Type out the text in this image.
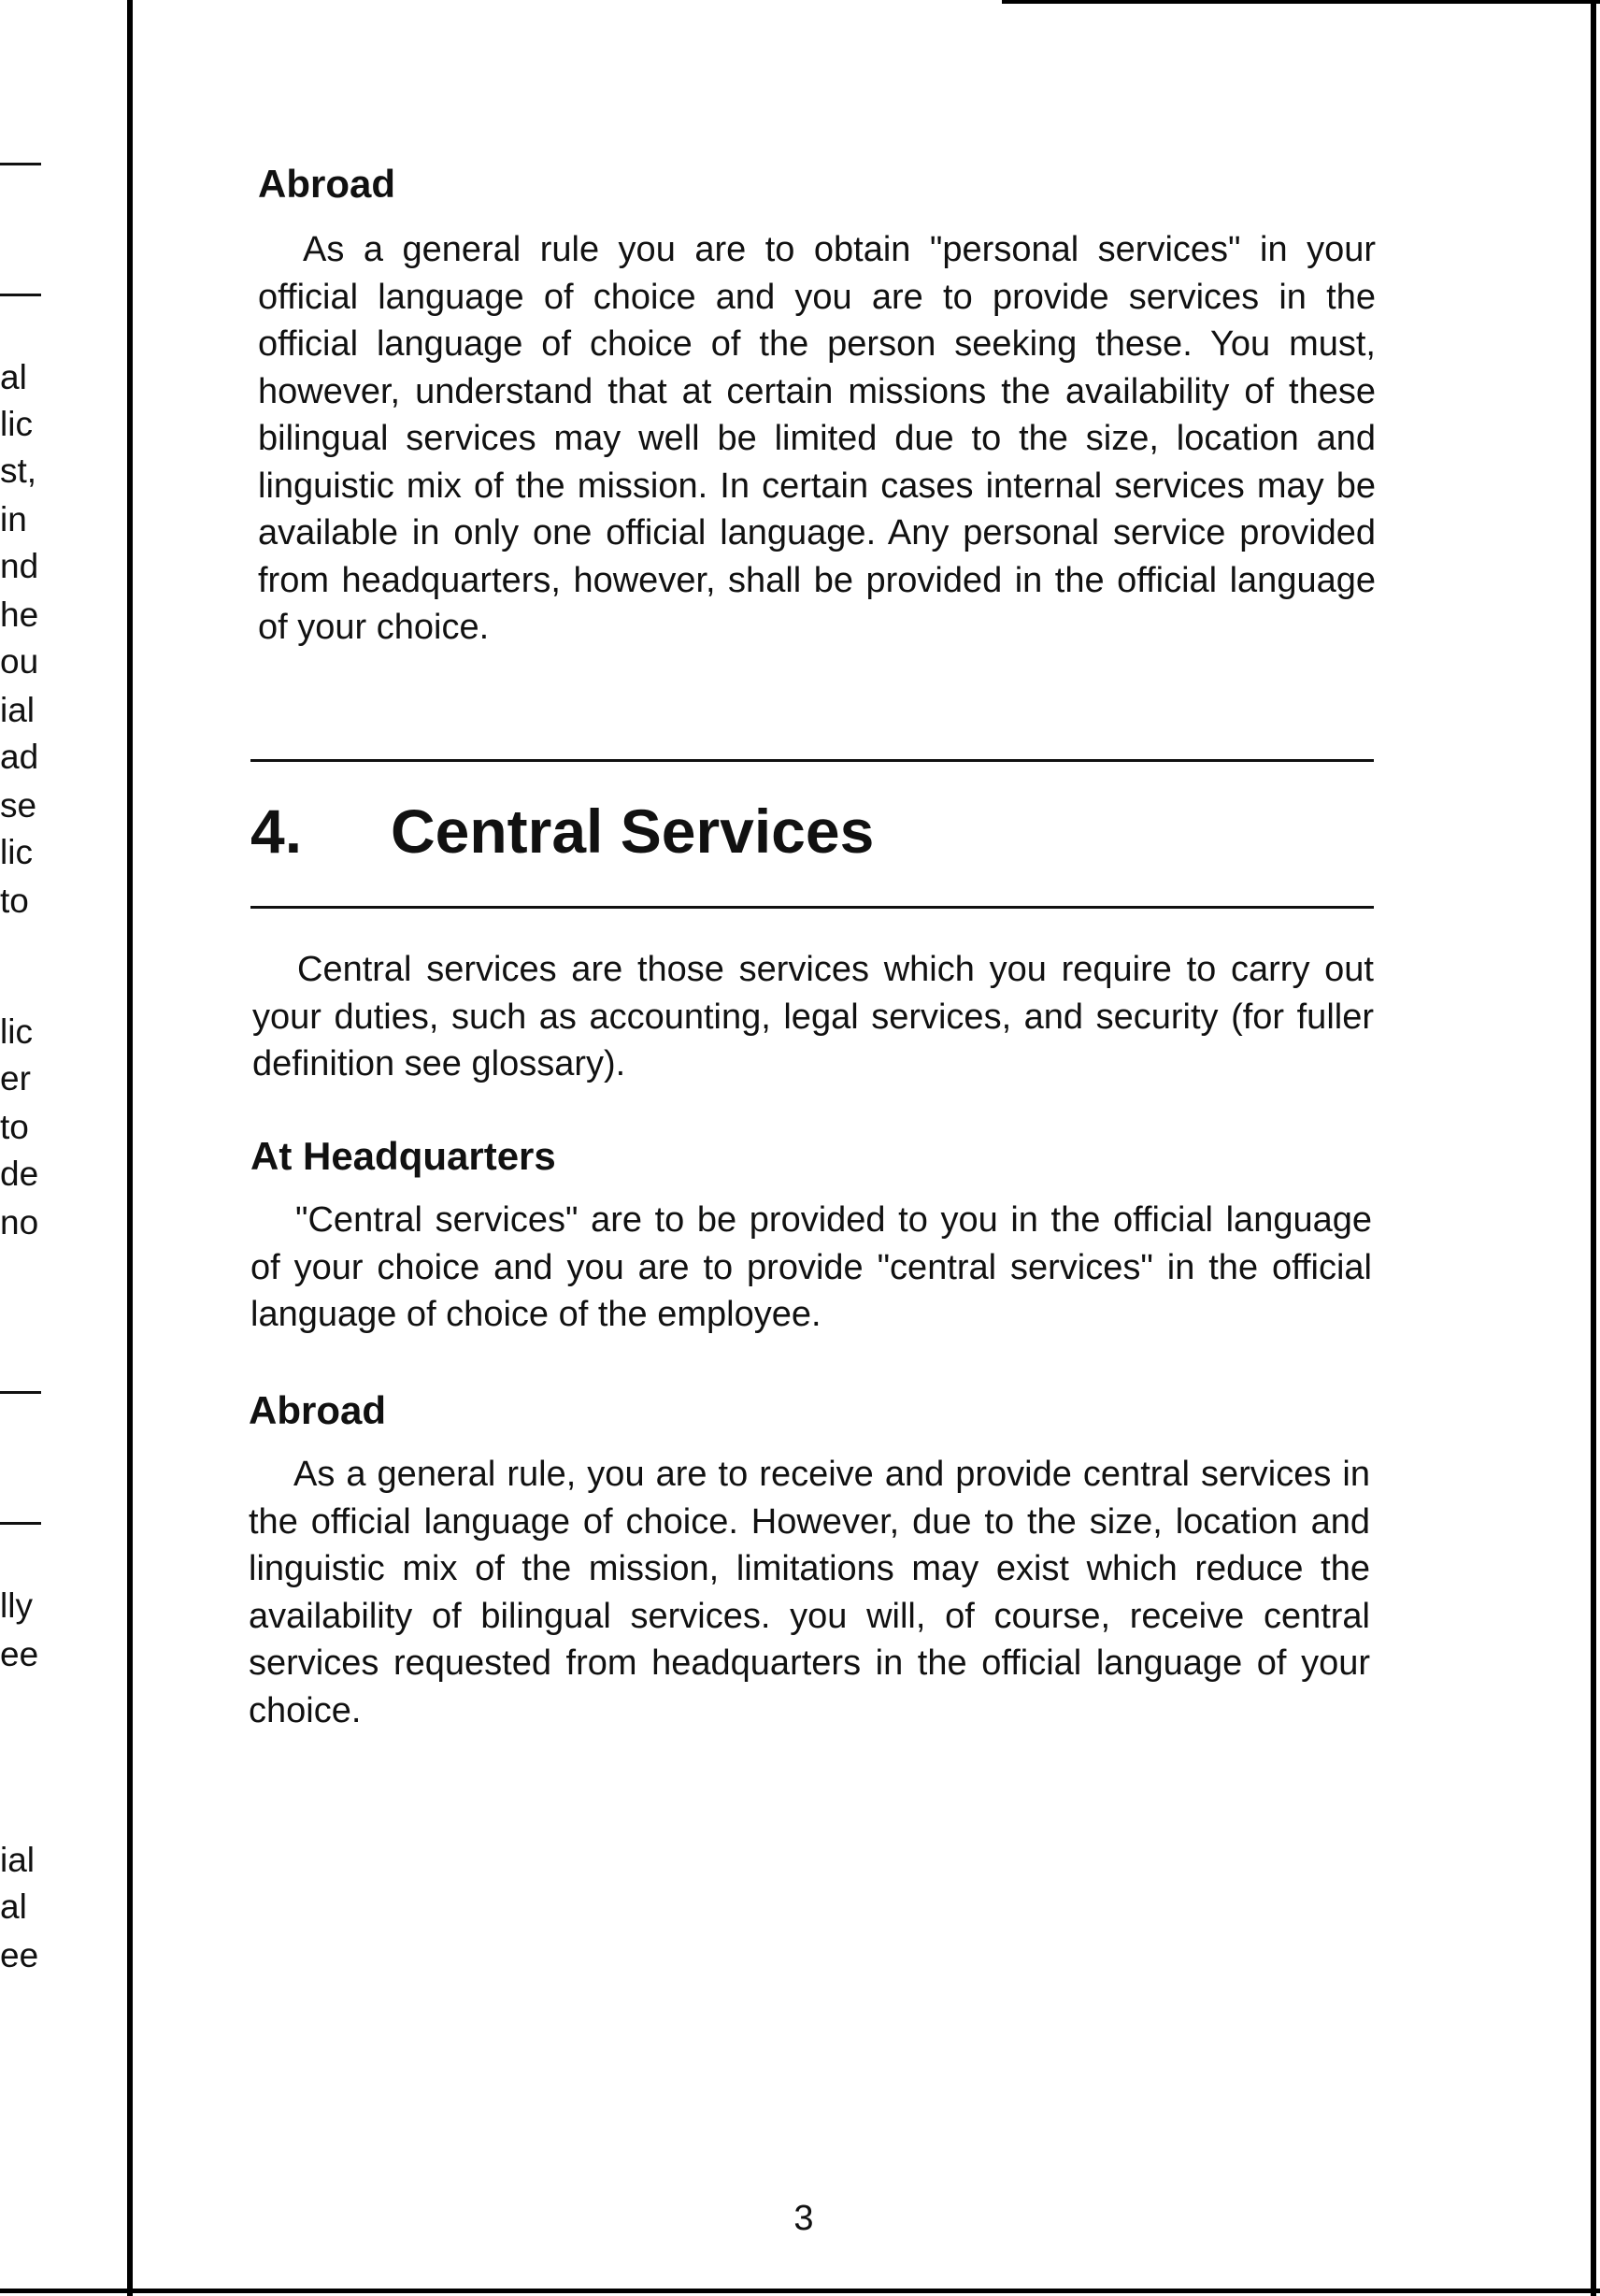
al
lic
st,
in
nd
he
ou
ial
ad
se
lic
to
lic
er
to
de
no
lly
ee
ial
al
ee
Abroad

As a general rule you are to obtain "personal services" in your official language of choice and you are to provide services in the official language of choice of the person seeking these. You must, however, understand that at certain missions the availability of these bilingual services may well be limited due to the size, location and linguistic mix of the mission. In certain cases internal services may be available in only one official language. Any personal service provided from headquarters, however, shall be provided in the official language of your choice.

4.	Central Services

Central services are those services which you require to carry out your duties, such as accounting, legal services, and security (for fuller definition see glossary).

At Headquarters

"Central services" are to be provided to you in the official language of your choice and you are to provide "central services" in the official language of choice of the employee.

Abroad

As a general rule, you are to receive and provide central services in the official language of choice. However, due to the size, location and linguistic mix of the mission, limitations may exist which reduce the availability of bilingual services. you will, of course, receive central services requested from headquarters in the official language of your choice.

3
